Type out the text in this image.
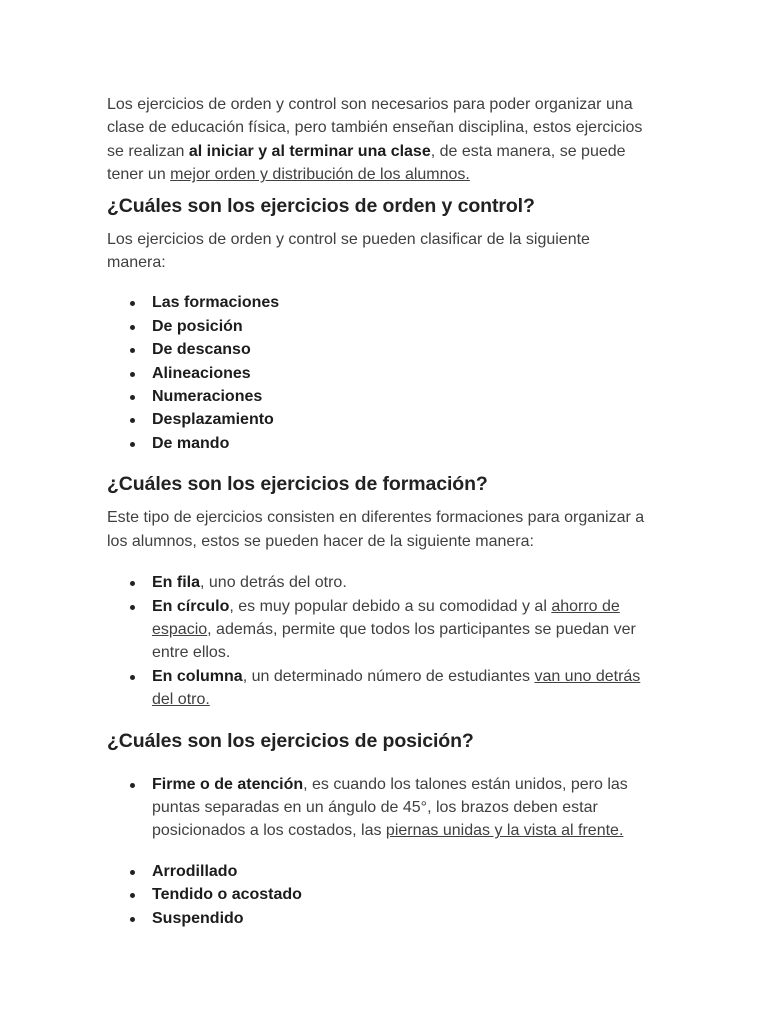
Los ejercicios de orden y control son necesarios para poder organizar una clase de educación física, pero también enseñan disciplina, estos ejercicios se realizan al iniciar y al terminar una clase, de esta manera, se puede tener un mejor orden y distribución de los alumnos.

¿Cuáles son los ejercicios de orden y control?

Los ejercicios de orden y control se pueden clasificar de la siguiente manera:

Las formaciones
De posición
De descanso
Alineaciones
Numeraciones
Desplazamiento
De mando
¿Cuáles son los ejercicios de formación?

Este tipo de ejercicios consisten en diferentes formaciones para organizar a los alumnos, estos se pueden hacer de la siguiente manera:

En fila, uno detrás del otro.
En círculo, es muy popular debido a su comodidad y al ahorro de espacio, además, permite que todos los participantes se puedan ver entre ellos.
En columna, un determinado número de estudiantes van uno detrás del otro.
¿Cuáles son los ejercicios de posición?
Firme o de atención, es cuando los talones están unidos, pero las puntas separadas en un ángulo de 45°, los brazos deben estar posicionados a los costados, las piernas unidas y la vista al frente.
Arrodillado
Tendido o acostado
Suspendido
